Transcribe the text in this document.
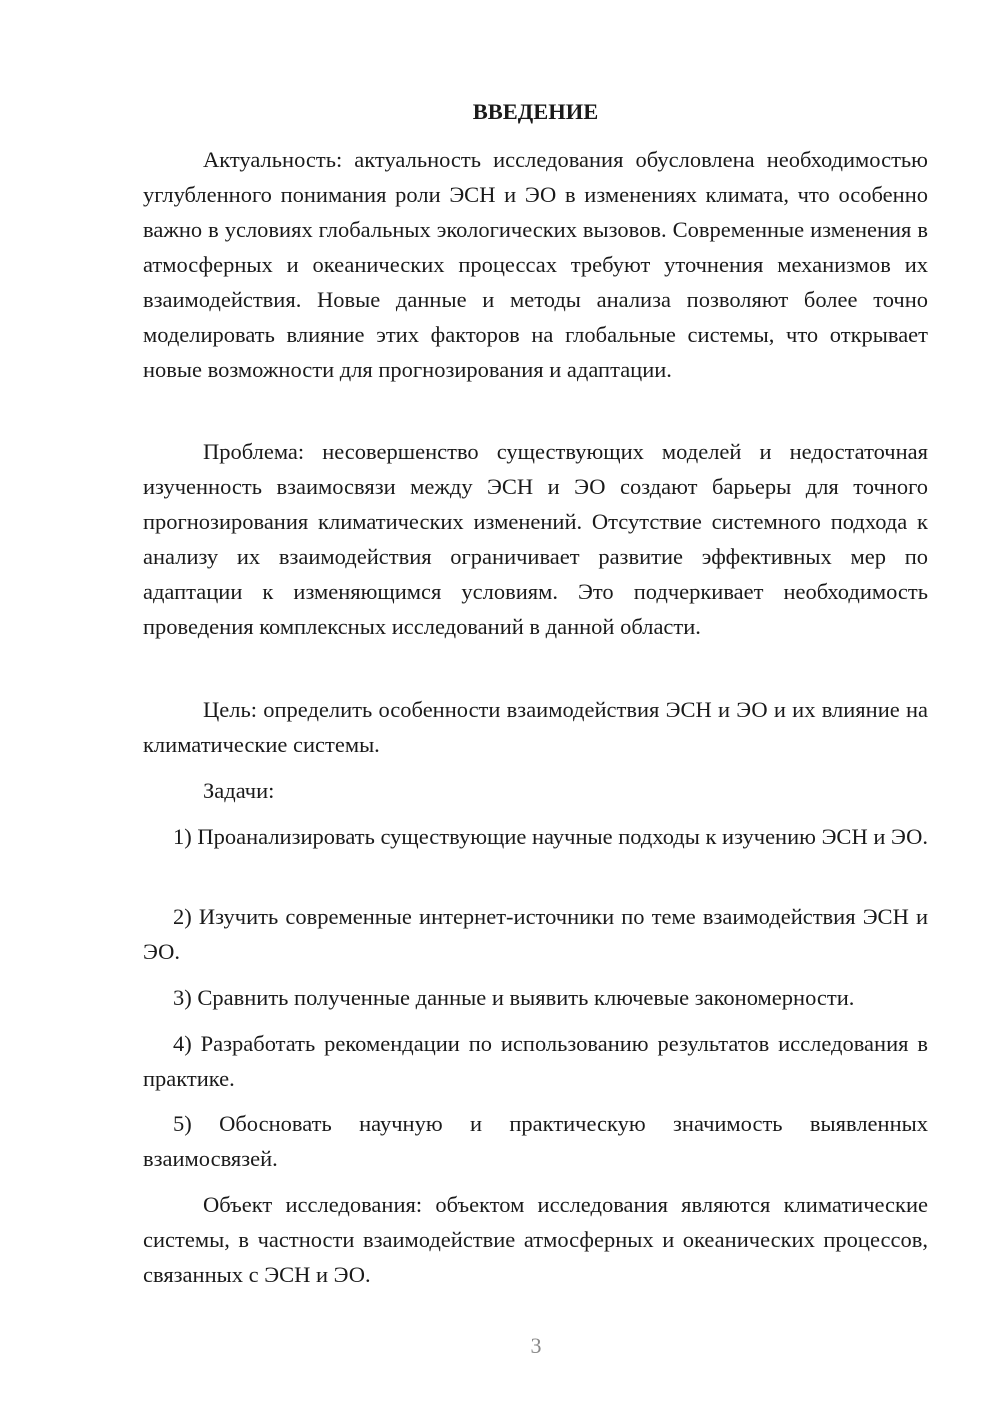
ВВЕДЕНИЕ

Актуальность: актуальность исследования обусловлена необходимостью углубленного понимания роли ЭСН и ЭО в изменениях климата, что особенно важно в условиях глобальных экологических вызовов. Современные изменения в атмосферных и океанических процессах требуют уточнения механизмов их взаимодействия. Новые данные и методы анализа позволяют более точно моделировать влияние этих факторов на глобальные системы, что открывает новые возможности для прогнозирования и адаптации.

Проблема: несовершенство существующих моделей и недостаточная изученность взаимосвязи между ЭСН и ЭО создают барьеры для точного прогнозирования климатических изменений. Отсутствие системного подхода к анализу их взаимодействия ограничивает развитие эффективных мер по адаптации к изменяющимся условиям. Это подчеркивает необходимость проведения комплексных исследований в данной области.

Цель: определить особенности взаимодействия ЭСН и ЭО и их влияние на климатические системы.

Задачи:

1) Проанализировать существующие научные подходы к изучению ЭСН и ЭО.

2) Изучить современные интернет-источники по теме взаимодействия ЭСН и ЭО.

3) Сравнить полученные данные и выявить ключевые закономерности.

4) Разработать рекомендации по использованию результатов исследования в практике.

5) Обосновать научную и практическую значимость выявленных взаимосвязей.

Объект исследования: объектом исследования являются климатические системы, в частности взаимодействие атмосферных и океанических процессов, связанных с ЭСН и ЭО.

3
